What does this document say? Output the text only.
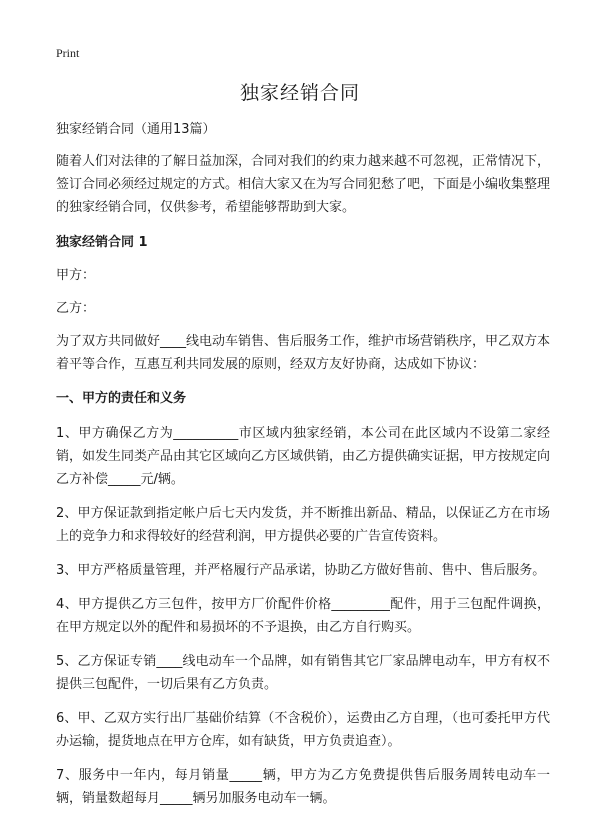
Print
独家经销合同

独家经销合同（通用13篇）

随着人们对法律的了解日益加深，合同对我们的约束力越来越不可忽视，正常情况下，签订合同必须经过规定的方式。相信大家又在为写合同犯愁了吧，下面是小编收集整理的独家经销合同，仅供参考，希望能够帮助到大家。

独家经销合同 1

甲方：

乙方：

为了双方共同做好____线电动车销售、售后服务工作，维护市场营销秩序，甲乙双方本着平等合作，互惠互利共同发展的原则，经双方友好协商，达成如下协议：

一、甲方的责任和义务

1、甲方确保乙方为__________市区域内独家经销，本公司在此区域内不设第二家经销，如发生同类产品由其它区域向乙方区域供销，由乙方提供确实证据，甲方按规定向乙方补偿_____元/辆。

2、甲方保证款到指定帐户后七天内发货，并不断推出新品、精品，以保证乙方在市场上的竞争力和求得较好的经营利润，甲方提供必要的广告宣传资料。

3、甲方严格质量管理，并严格履行产品承诺，协助乙方做好售前、售中、售后服务。

4、甲方提供乙方三包件，按甲方厂价配件价格_________配件，用于三包配件调换，在甲方规定以外的配件和易损坏的不予退换，由乙方自行购买。

5、乙方保证专销____线电动车一个品牌，如有销售其它厂家品牌电动车，甲方有权不提供三包配件，一切后果有乙方负责。

6、甲、乙双方实行出厂基础价结算（不含税价），运费由乙方自理，（也可委托甲方代办运输，提货地点在甲方仓库，如有缺货，甲方负责追查）。

7、服务中一年内，每月销量_____辆，甲方为乙方免费提供售后服务周转电动车一辆，销量数超每月_____辆另加服务电动车一辆。
